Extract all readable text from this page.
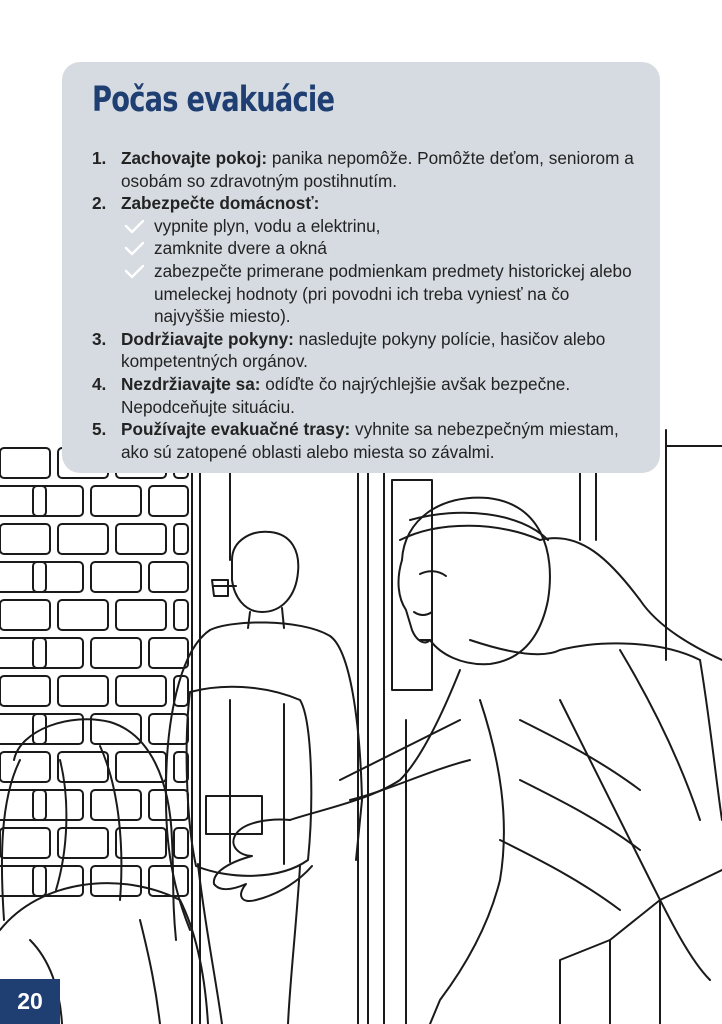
Počas evakuácie
1. Zachovajte pokoj: panika nepomôže. Pomôžte deťom, seniorom a osobám so zdravotným postihnutím.
2. Zabezpečte domácnosť:
vypnite plyn, vodu a elektrinu,
zamknite dvere a okná
zabezpečte primerane podmienkam predmety historickej alebo umeleckej hodnoty (pri povodni ich treba vyniesť na čo najvyššie miesto).
3. Dodržiavajte pokyny: nasledujte pokyny polície, hasičov alebo kompetentných orgánov.
4. Nezdržiavajte sa: odíďte čo najrýchlejšie avšak bezpečne. Nepodceňujte situáciu.
5. Používajte evakuačné trasy: vyhnite sa nebezpečným miestam, ako sú zatopené oblasti alebo miesta so závalmi.
20
